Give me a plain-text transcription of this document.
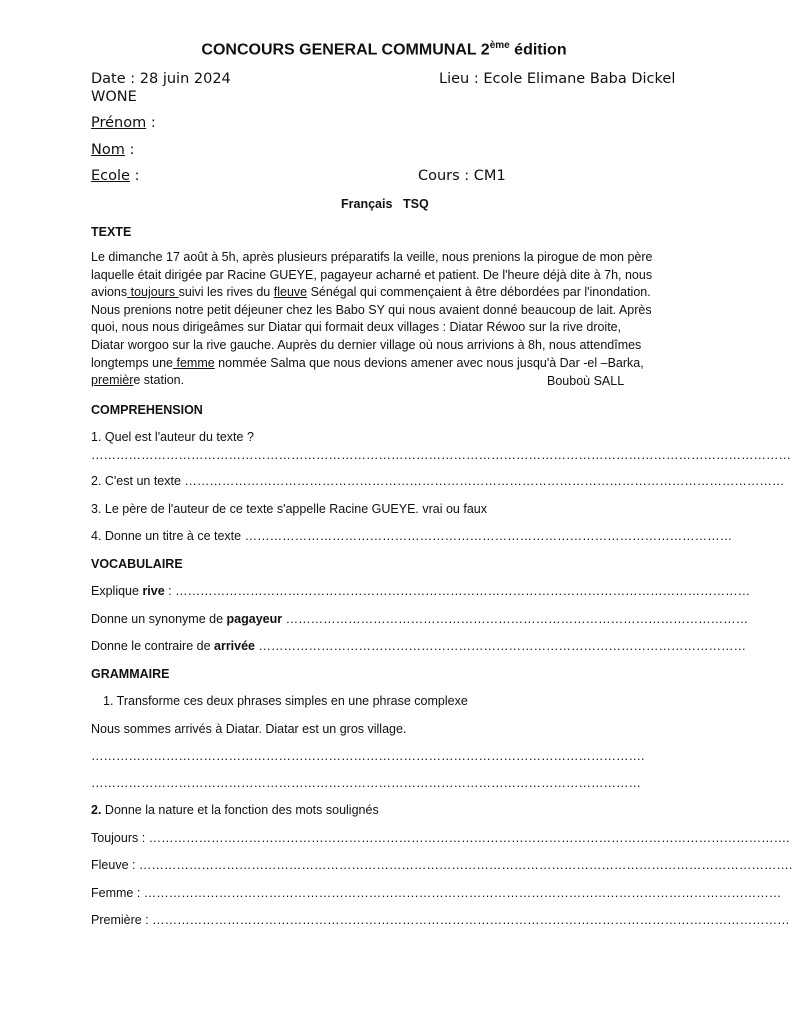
CONCOURS GENERAL COMMUNAL 2ème édition
Date : 28 juin 2024	Lieu : Ecole Elimane Baba Dickel
WONE
Prénom :
Nom :
Ecole :	Cours : CM1
Français TSQ
TEXTE
Le dimanche 17 août à 5h, après plusieurs préparatifs la veille, nous prenions la pirogue de mon père
laquelle était dirigée par Racine GUEYE, pagayeur acharné et patient. De l'heure déjà dite à 7h, nous
avions toujours suivi les rives du fleuve Sénégal qui commençaient à être débordées par l'inondation.
Nous prenions notre petit déjeuner chez les Babo SY qui nous avaient donné beaucoup de lait. Après
quoi, nous nous dirigeâmes sur Diatar qui formait deux villages : Diatar Réwoo sur la rive droite,
Diatar worgoo sur la rive gauche. Auprès du dernier village où nous arrivions à 8h, nous attendîmes
longtemps une femme nommée Salma que nous devions amener avec nous jusqu'à Dar -el –Barka,
première station.	Bouboù SALL
COMPREHENSION
1. Quel est l'auteur du texte ?
……………………………………………………………………………………………………………………………………………………
2. C'est un texte ………………………………………………………………………………………………………………………………
3. Le père de l'auteur de ce texte s'appelle Racine GUEYE. vrai ou faux
4. Donne un titre à ce texte ………………………………………………………………………………………………………
VOCABULAIRE
Explique rive : …………………………………………………………………………………………………………………………
Donne un synonyme de pagayeur …………………………………………………………………………………………………
Donne le contraire de arrivée ………………………………………………………………………………………………………
GRAMMAIRE
1. Transforme ces deux phrases simples en une phrase complexe
Nous sommes arrivés à Diatar. Diatar est un gros village.
…………………………………………………………………………………………………………………….
……………………………………………………………………………………………………………………
2. Donne la nature et la fonction des mots soulignés
Toujours : ……………………………………………………………………………………………………………………………………….
Fleuve : ………………………………………………………………………………………………………………………………………….
Femme : ………………………………………………………………………………………………………………………………………
Première : ………………………………………………………………………………………………………………………………………
